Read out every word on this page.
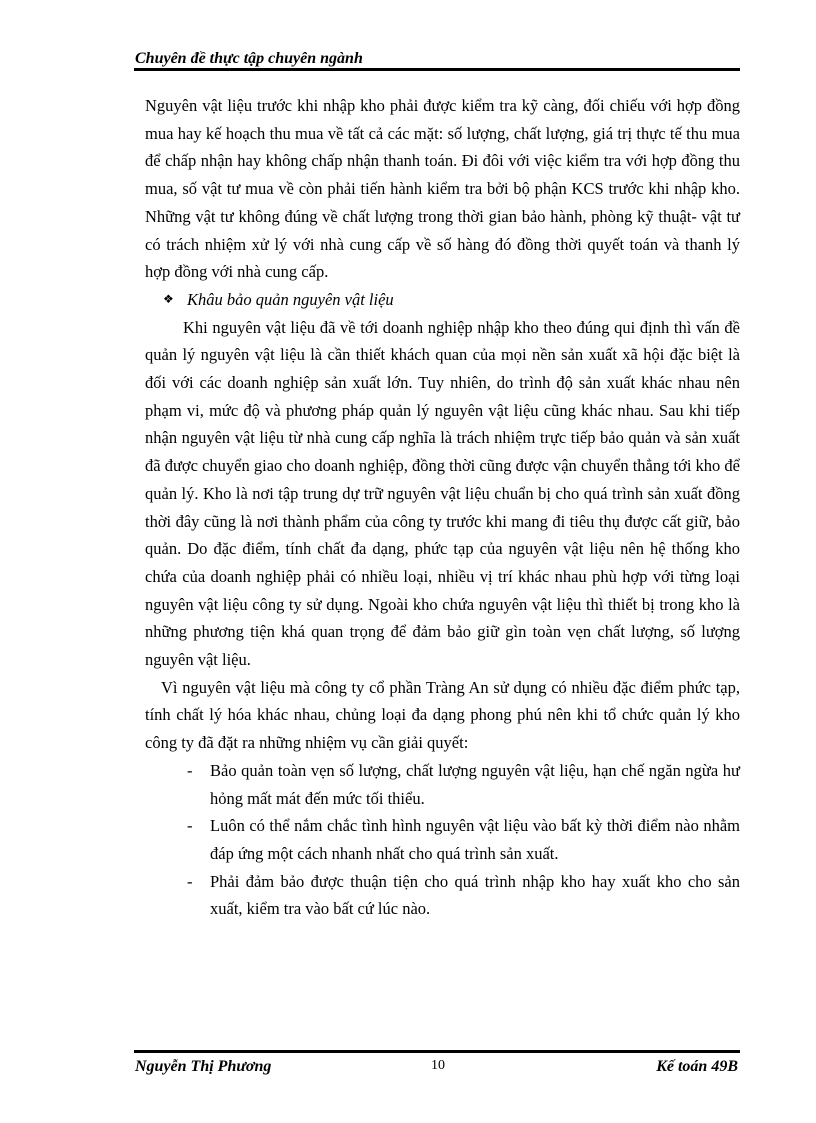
Chuyên đề thực tập chuyên ngành

Nguyên vật liệu trước khi nhập kho phải được kiểm tra kỹ càng, đối chiếu với hợp đồng mua hay kế hoạch thu mua về tất cả các mặt: số lượng, chất lượng, giá trị thực tế thu mua để chấp nhận hay không chấp nhận thanh toán. Đi đôi với việc kiểm tra với hợp đồng thu mua, số vật tư mua về còn phải tiến hành kiểm tra bởi bộ phận KCS trước khi nhập kho. Những vật tư không đúng về chất lượng trong thời gian bảo hành, phòng kỹ thuật- vật tư có trách nhiệm xử lý với nhà cung cấp về số hàng đó đồng thời quyết toán và thanh lý hợp đồng với nhà cung cấp.

❖ Khâu bảo quản nguyên vật liệu

Khi nguyên vật liệu đã về tới doanh nghiệp nhập kho theo đúng qui định thì vấn đề quản lý nguyên vật liệu là cần thiết khách quan của mọi nền sản xuất xã hội đặc biệt là đối với các doanh nghiệp sản xuất lớn. Tuy nhiên, do trình độ sản xuất khác nhau nên phạm vi, mức độ và phương pháp quản lý nguyên vật liệu cũng khác nhau. Sau khi tiếp nhận nguyên vật liệu từ nhà cung cấp nghĩa là trách nhiệm trực tiếp bảo quản và sản xuất đã được chuyển giao cho doanh nghiệp, đồng thời cũng được vận chuyển thẳng tới kho để quản lý. Kho là nơi tập trung dự trữ nguyên vật liệu chuẩn bị cho quá trình sản xuất đồng thời đây cũng là nơi thành phẩm của công ty trước khi mang đi tiêu thụ được cất giữ, bảo quản. Do đặc điểm, tính chất đa dạng, phức tạp của nguyên vật liệu nên hệ thống kho chứa của doanh nghiệp phải có nhiều loại, nhiều vị trí khác nhau phù hợp với từng loại nguyên vật liệu công ty sử dụng. Ngoài kho chứa nguyên vật liệu thì thiết bị trong kho là những phương tiện khá quan trọng để đảm bảo giữ gìn toàn vẹn chất lượng, số lượng nguyên vật liệu.

Vì nguyên vật liệu mà công ty cổ phần Tràng An sử dụng có nhiều đặc điểm phức tạp, tính chất lý hóa khác nhau, chủng loại đa dạng phong phú nên khi tổ chức quản lý kho công ty đã đặt ra những nhiệm vụ cần giải quyết:

- Bảo quản toàn vẹn số lượng, chất lượng nguyên vật liệu, hạn chế ngăn ngừa hư hỏng mất mát đến mức tối thiểu.
- Luôn có thể nắm chắc tình hình nguyên vật liệu vào bất kỳ thời điểm nào nhằm đáp ứng một cách nhanh nhất cho quá trình sản xuất.
- Phải đảm bảo được thuận tiện cho quá trình nhập kho hay xuất kho cho sản xuất, kiểm tra vào bất cứ lúc nào.
Nguyễn Thị Phương	10	Kế toán 49B
